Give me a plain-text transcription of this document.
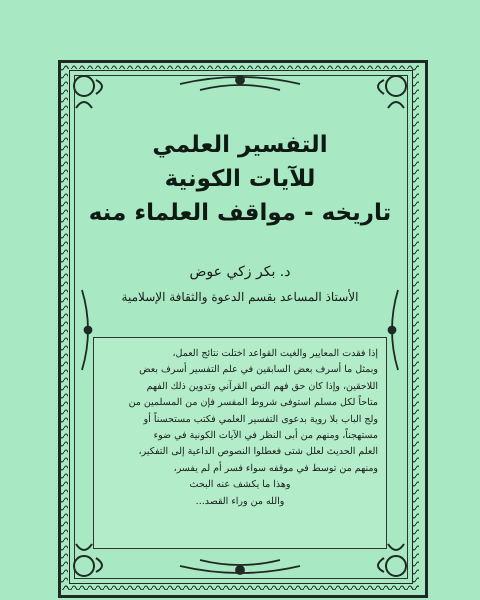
التفسير العلمي

للآيات الكونية

تاريخه - مواقف العلماء منه

د. بكر زكي عوض
الأستاذ المساعد بقسم الدعوة والثقافة الإسلامية

إذا فقدت المعايير والغيت القواعد اختلت نتائج العمل،

وبمثل ما أسرف بعض السابقين في علم التفسير أسرف بعض

اللاحقين، وإذا كان حق فهم النص القرآني وتدوين ذلك الفهم

متاحاً لكل مسلم استوفى شروط المفسر فإن من المسلمين من

ولج الباب بلا روية بدعوى التفسير العلمي فكتب مستحسناً أو

مستهجناً، ومنهم من أبى النظر في الآيات الكونية في ضوء

العلم الحديث لعلل شتى فعطلوا النصوص الداعية إلى التفكير،

ومنهم من توسط في موقفه سواء فسر أم لم يفسر،

وهذا ما يكشف عنه البحث

والله من وراء القصد...
